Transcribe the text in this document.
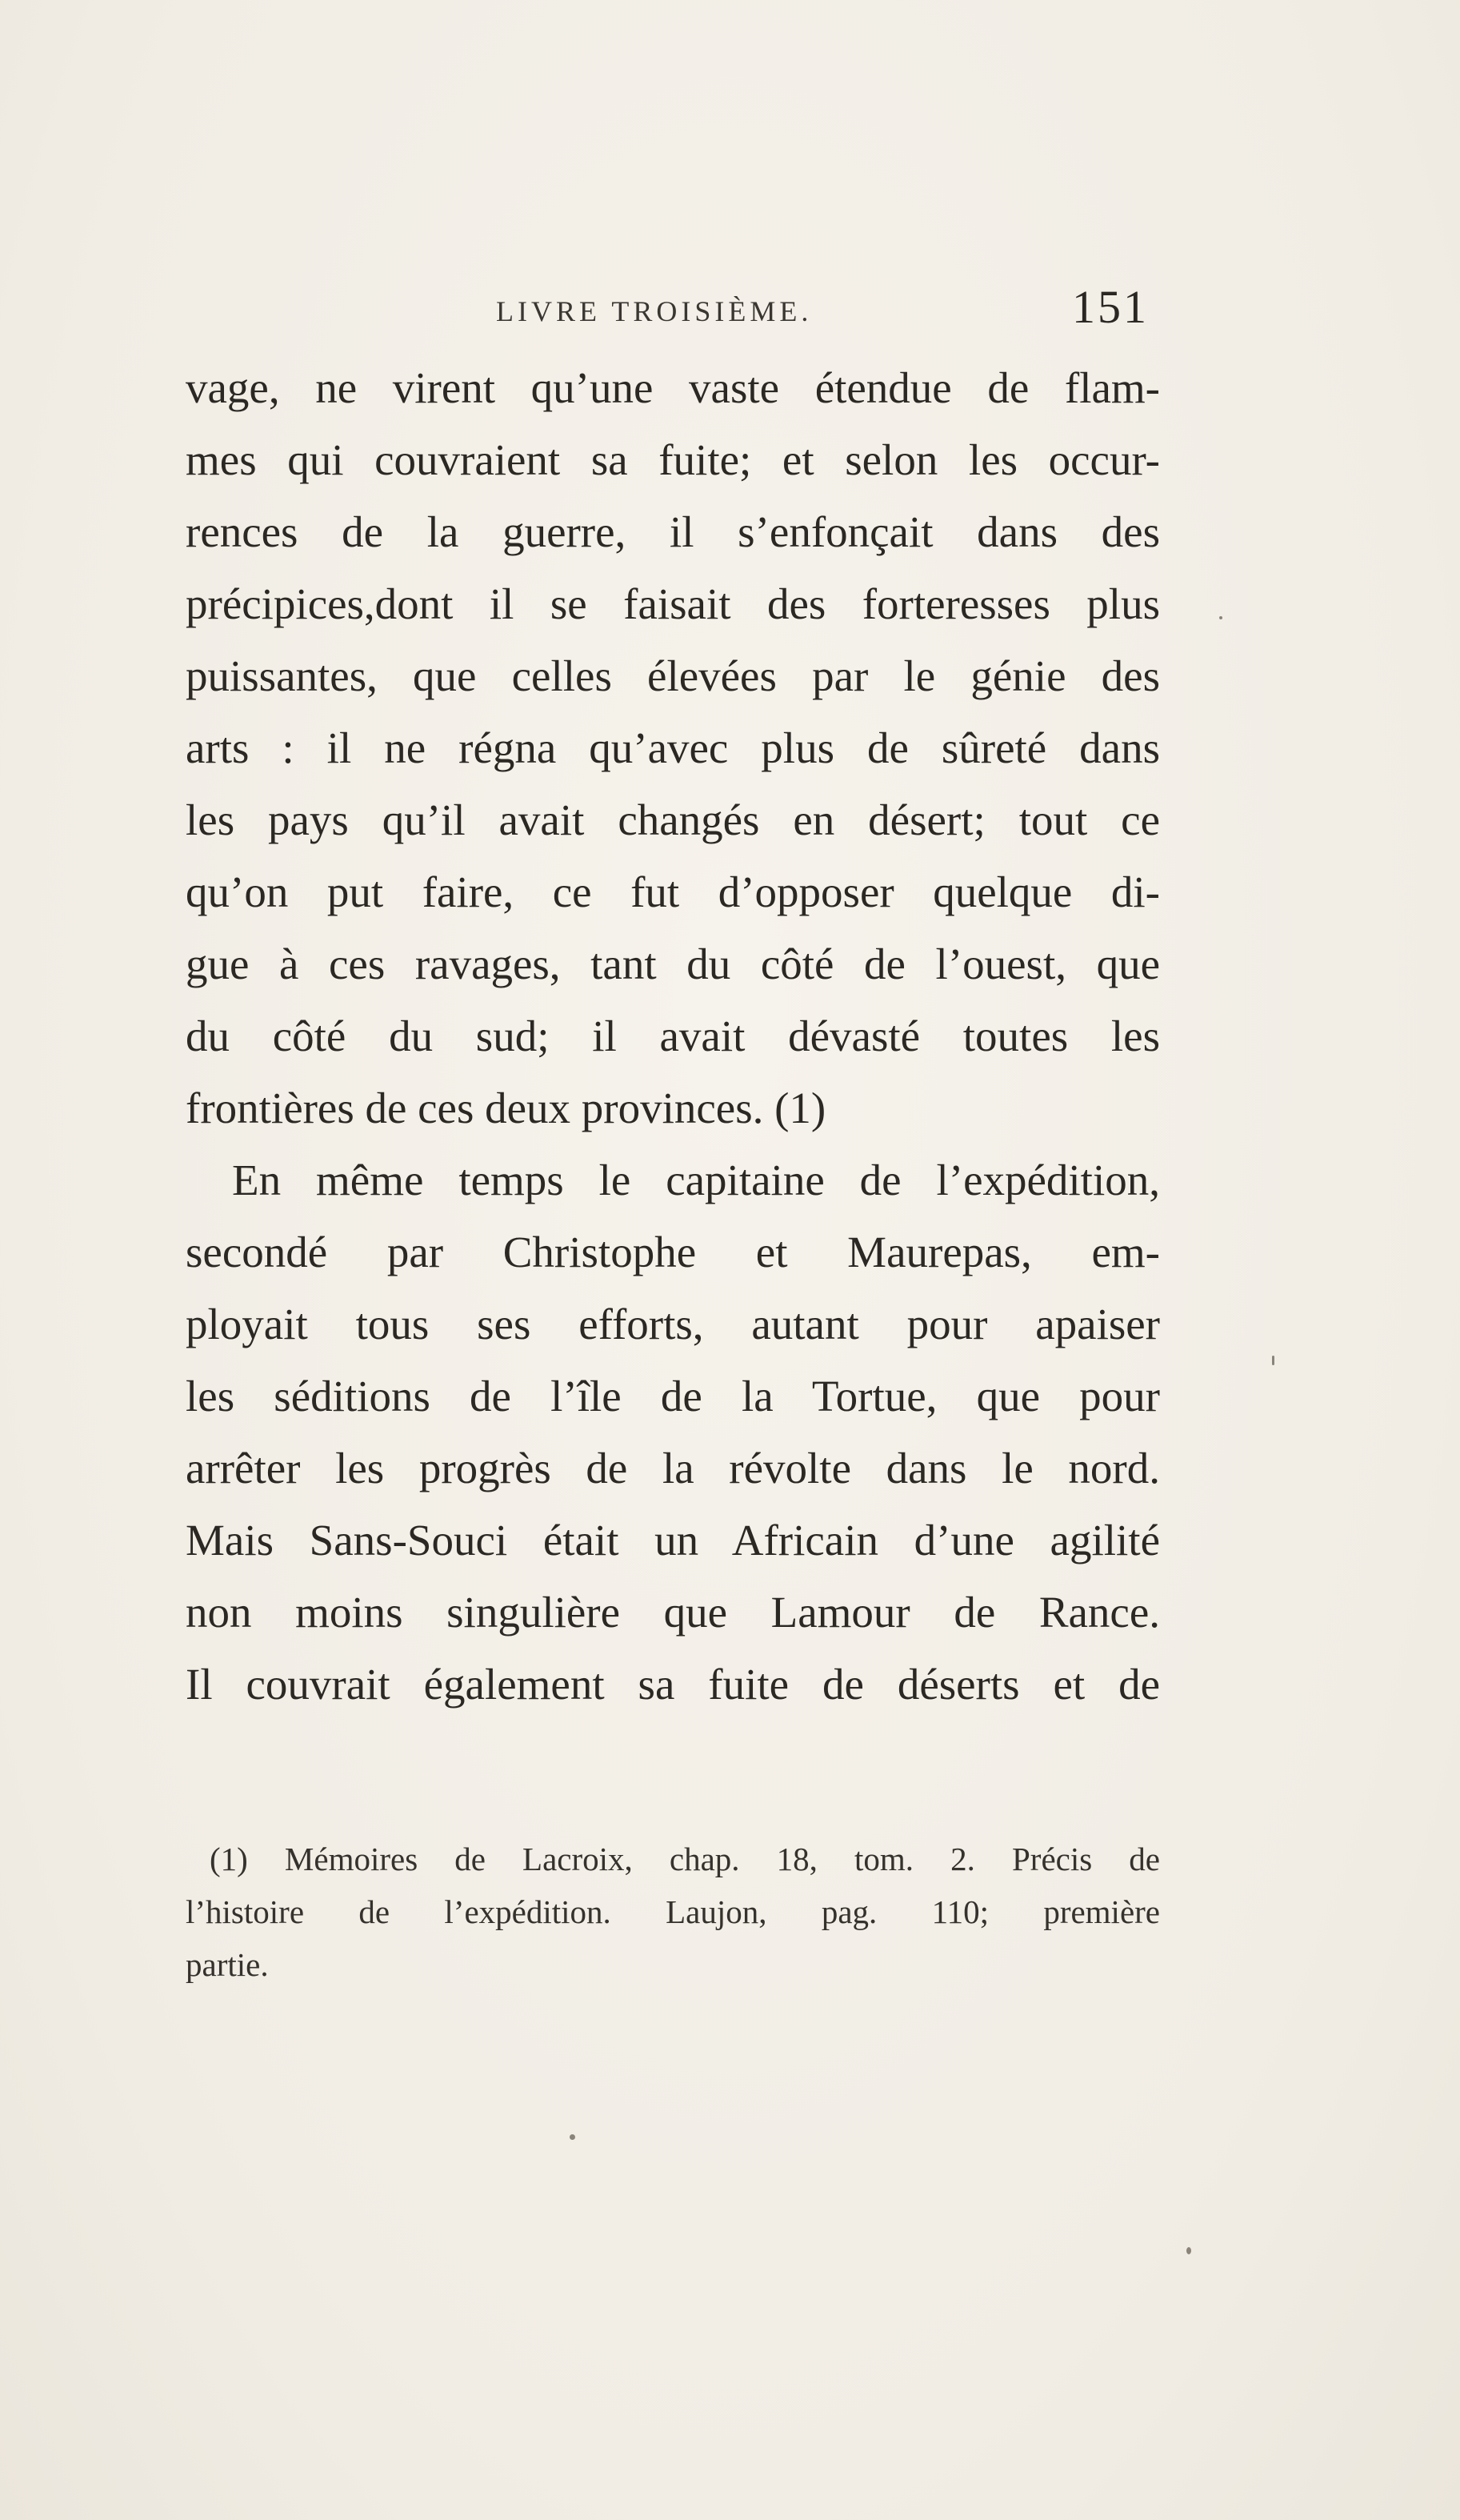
LIVRE TROISIÈME.	151
vage, ne virent qu’une vaste étendue de flam-
mes qui couvraient sa fuite; et selon les occur-
rences de la guerre, il s’enfonçait dans des
précipices,dont il se faisait des forteresses plus
puissantes, que celles élevées par le génie des
arts : il ne régna qu’avec plus de sûreté dans
les pays qu’il avait changés en désert; tout ce
qu’on put faire, ce fut d’opposer quelque di-
gue à ces ravages, tant du côté de l’ouest, que
du côté du sud; il avait dévasté toutes les
frontières de ces deux provinces. (1)
En même temps le capitaine de l’expédition,
secondé par Christophe et Maurepas, em-
ployait tous ses efforts, autant pour apaiser
les séditions de l’île de la Tortue, que pour
arrêter les progrès de la révolte dans le nord.
Mais Sans-Souci était un Africain d’une agilité
non moins singulière que Lamour de Rance.
Il couvrait également sa fuite de déserts et de
(1) Mémoires de Lacroix, chap. 18, tom. 2. Précis de
l’histoire de l’expédition. Laujon, pag. 110; première
partie.
